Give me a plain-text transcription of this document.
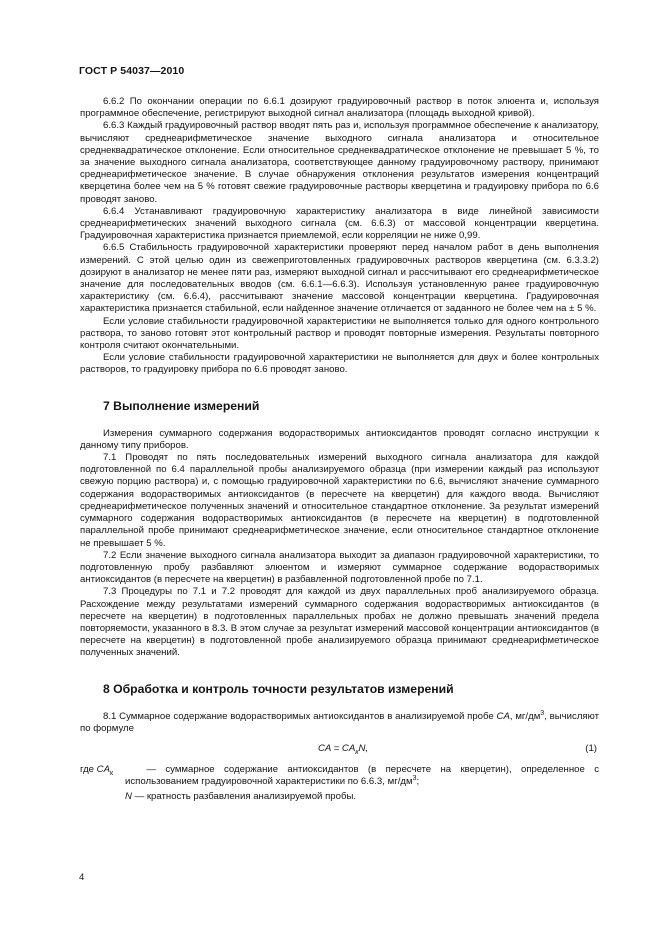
ГОСТ Р 54037—2010

6.6.2 По окончании операции по 6.6.1 дозируют градуировочный раствор в поток элюента и, используя программное обеспечение, регистрируют выходной сигнал анализатора (площадь выходной кривой).

6.6.3 Каждый градуировочный раствор вводят пять раз и, используя программное обеспечение к анализатору, вычисляют среднеарифметическое значение выходного сигнала анализатора и относительное среднеквадратическое отклонение. Если относительное среднеквадратическое отклонение не превышает 5 %, то за значение выходного сигнала анализатора, соответствующее данному градуировочному раствору, принимают среднеарифметическое значение. В случае обнаружения отклонения результатов измерения концентраций кверцетина более чем на 5 % готовят свежие градуировочные растворы кверцетина и градуировку прибора по 6.6 проводят заново.

6.6.4 Устанавливают градуировочную характеристику анализатора в виде линейной зависимости среднеарифметических значений выходного сигнала (см. 6.6.3) от массовой концентрации кверцетина. Градуировочная характеристика признается приемлемой, если корреляции не ниже 0,99.

6.6.5 Стабильность градуировочной характеристики проверяют перед началом работ в день выполнения измерений. С этой целью один из свежеприготовленных градуировочных растворов кверцетина (см. 6.3.3.2) дозируют в анализатор не менее пяти раз, измеряют выходной сигнал и рассчитывают его среднеарифметическое значение для последовательных вводов (см. 6.6.1—6.6.3). Используя установленную ранее градуировочную характеристику (см. 6.6.4), рассчитывают значение массовой концентрации кверцетина. Градуировочная характеристика признается стабильной, если найденное значение отличается от заданного не более чем на ± 5 %.

Если условие стабильности градуировочной характеристики не выполняется только для одного контрольного раствора, то заново готовят этот контрольный раствор и проводят повторные измерения. Результаты повторного контроля считают окончательными.

Если условие стабильности градуировочной характеристики не выполняется для двух и более контрольных растворов, то градуировку прибора по 6.6 проводят заново.

7 Выполнение измерений

Измерения суммарного содержания водорастворимых антиоксидантов проводят согласно инструкции к данному типу приборов.

7.1 Проводят по пять последовательных измерений выходного сигнала анализатора для каждой подготовленной по 6.4 параллельной пробы анализируемого образца (при измерении каждый раз используют свежую порцию раствора) и, с помощью градуировочной характеристики по 6.6, вычисляют значение суммарного содержания водорастворимых антиоксидантов (в пересчете на кверцетин) для каждого ввода. Вычисляют среднеарифметическое полученных значений и относительное стандартное отклонение. За результат измерений суммарного содержания водорастворимых антиоксидантов (в пересчете на кверцетин) в подготовленной параллельной пробе принимают среднеарифметическое значение, если относительное стандартное отклонение не превышает 5 %.

7.2 Если значение выходного сигнала анализатора выходит за диапазон градуировочной характеристики, то подготовленную пробу разбавляют элюентом и измеряют суммарное содержание водорастворимых антиоксидантов (в пересчете на кверцетин) в разбавленной подготовленной пробе по 7.1.

7.3 Процедуры по 7.1 и 7.2 проводят для каждой из двух параллельных проб анализируемого образца. Расхождение между результатами измерений суммарного содержания водорастворимых антиоксидантов (в пересчете на кверцетин) в подготовленных параллельных пробах не должно превышать значений предела повторяемости, указанного в 8.3. В этом случае за результат измерений массовой концентрации антиоксидантов (в пересчете на кверцетин) в подготовленной пробе анализируемого образца принимают среднеарифметическое полученных значений.

8 Обработка и контроль точности результатов измерений

8.1 Суммарное содержание водорастворимых антиоксидантов в анализируемой пробе CA, $мг/дм^3$, вычисляют по формуле

CA = $CA_кN$,	(1)
где $CA_к$	— суммарное содержание антиоксидантов (в пересчете на кверцетин), определенное с использованием градуировочной характеристики по 6.6.3, $мг/дм^3$;
N — кратность разбавления анализируемой пробы.
4
